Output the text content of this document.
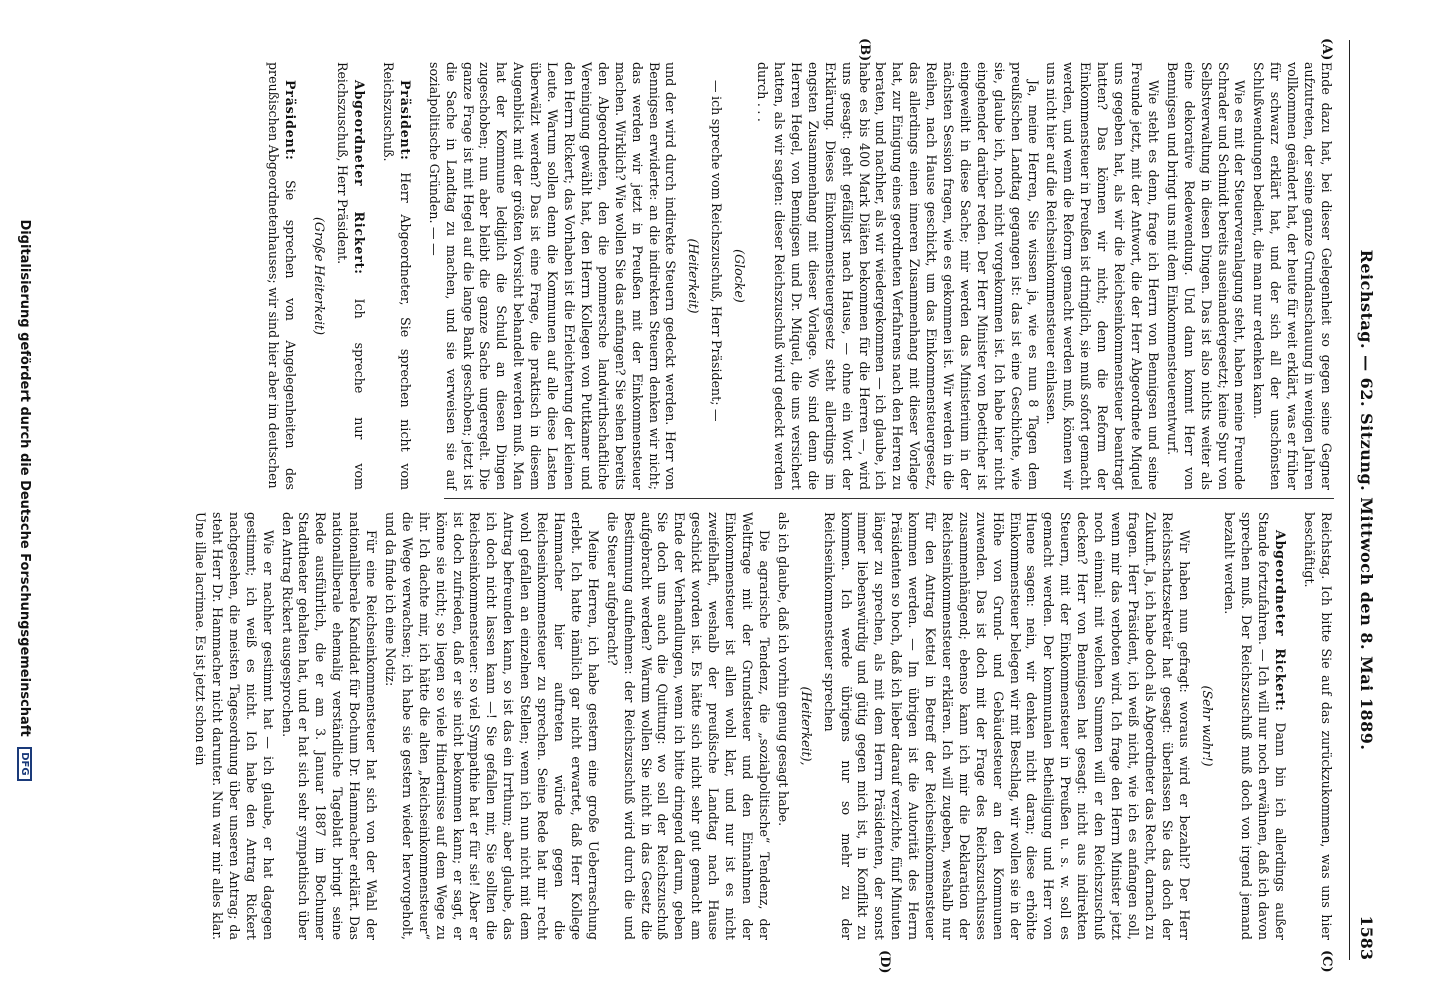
Reichstag. — 62. Sitzung. Mittwoch den 8. Mai 1889.
1583
(A)
(B)
(C)
(D)

Ende dazu hat, bei dieser Gelegenheit so gegen seine Gegner aufzutreten, der seine ganze Grundanschauung in wenigen Jahren vollkommen geändert hat, der heute für weit erklärt, was er früher für schwarz erklärt hat, und der sich all der unschönsten Schlußwendungen bedient, die man nur erdenken kann.

Wie es mit der Steuerveranlagung steht, haben meine Freunde Schrader und Schmidt bereits auseinandergesetzt; keine Spur von Selbstverwaltung in diesen Dingen. Das ist also nichts weiter als eine dekorative Redewendung. Und dann kommt Herr von Bennigsen und bringt uns mit dem Einkommensteuerentwurf.

Wie steht es denn, frage ich Herrn von Bennigsen und seine Freunde jetzt, mit der Antwort, die der Herr Abgeordnete Miquel uns gegeben hat, als wir die Reichseinkommensteuer beantragt hatten? Das können wir nicht; denn die Reform der Einkommensteuer in Preußen ist dringlich, sie muß sofort gemacht werden, und wenn die Reform gemacht werden muß, können wir uns nicht hier auf die Reichseinkommensteuer einlassen.

Ja, meine Herren, Sie wissen ja, wie es nun 8 Tagen dem preußischen Landtag gegangen ist: das ist eine Geschichte, wie sie, glaube ich, noch nicht vorgekommen ist. Ich habe hier nicht eingehender darüber reden. Der Herr Minister von Boetticher ist eingeweiht in diese Sache; mir werden das Ministerium in der nächsten Session fragen, wie es gekommen ist. Wir werden in die Reihen, nach Hause geschickt, um das Einkommensteuergesetz, das allerdings einen inneren Zusammenhang mit dieser Vorlage hat, zur Einigung eines geordneten Verfahrens nach den Herren zu beraten, und nachher, als wir wiedergekommen — ich glaube, ich habe es bis 400 Mark Diäten bekommen für die Herren —, wird uns gesagt: geht gefälligst nach Hause, — ohne ein Wort der Erklärung. Dieses Einkommensteuergesetz steht allerdings im engsten Zusammenhang mit dieser Vorlage. Wo sind denn die Herren Hegel, von Bennigsen und Dr. Miquel, die uns versichert hatten, als wir sagten: dieser Reichszuschuß wird gedeckt werden durch . . .

(Glocke)

— ich spreche vom Reichszuschuß, Herr Präsident; —

(Heiterkeit)

und der wird durch indirekte Steuern gedeckt werden. Herr von Bennigsen erwiderte: an die indirekten Steuern denken wir nicht; das werden wir jetzt in Preußen mit der Einkommensteuer machen. Wirklich? Wie wollen Sie das anfangen? Sie sehen bereits den Abgeordneten, den die pommersche landwirthschaftliche Vereinigung gewählt hat, den Herrn Kollegen von Puttkamer und den Herrn Rickert; das Vorhaben ist die Erleichterung der kleinen Leute. Warum sollen denn die Kommunen auf alle diese Lasten überwälzt werden? Das ist eine Frage, die praktisch in diesem Augenblick mit der größten Vorsicht behandelt werden muß. Man hat der Kommune lediglich die Schuld an diesen Dingen zugeschoben; nun aber bleibt die ganze Sache ungeregelt. Die ganze Frage ist mit Hegel auf die lange Bank geschoben; jetzt ist die Sache in Landtag zu machen, und sie verweisen sie auf sozialpolitische Gründen. — —

Präsident: Herr Abgeordneter, Sie sprechen nicht vom Reichszuschuß.

Abgeordneter Rickert: Ich spreche nur vom Reichszuschuß, Herr Präsident.

(Große Heiterkeit)

Präsident: Sie sprechen von Angelegenheiten des preußischen Abgeordnetenhauses; wir sind hier aber im deutschen

Reichstag. Ich bitte Sie auf das zurückzukommen, was uns hier beschäftigt.

Abgeordneter Rickert: Dann bin ich allerdings außer Stande fortzufahren. — Ich will nur noch erwähnen, daß ich davon sprechen muß. Der Reichszuschuß muß doch von irgend jemand bezahlt werden.

(Sehr wahr!)

Wir haben nun gefragt: woraus wird er bezahlt? Der Herr Reichsschatzsekretär hat gesagt: überlassen Sie das doch der Zukunft. Ja, ich habe doch als Abgeordneter das Recht, darnach zu fragen. Herr Präsident, ich weiß nicht, wie ich es anfangen soll, wenn mir das verboten wird. Ich frage den Herrn Minister jetzt noch einmal: mit welchen Summen will er den Reichszuschuß decken? Herr von Bennigsen hat gesagt: nicht aus indirekten Steuern, mit der Einkommensteuer in Preußen u. s. w. soll es gemacht werden. Der kommunalen Betheiligung und Herr von Huene sagen: nein, wir denken nicht daran; diese erhöhte Einkommensteuer belegen wir mit Beschlag, wir wollen sie in der Höhe von Grund- und Gebäudesteuer an den Kommunen zuwenden. Das ist doch mit der Frage des Reichszuschusses zusammenhängend; ebenso kann ich mir die Deklaration der Reichseinkommensteuer erklären. Ich will zugeben, weshalb nur für den Antrag Kettel in Betreff der Reichseinkommensteuer kommen werden. — Im übrigen ist die Autorität des Herrn Präsidenten so hoch, daß ich lieber darauf verzichte, fünf Minuten länger zu sprechen, als mit dem Herrn Präsidenten, der sonst immer liebenswürdig und gütig gegen mich ist, in Konflikt zu kommen. Ich werde übrigens nur so mehr zu der Reichseinkommensteuer sprechen

(Heiterkeit),

als ich glaube, daß ich vorhin genug gesagt habe.

Die agrarische Tendenz, die „sozialpolitische“ Tendenz, der Weltfrage mit der Grundsteuer und den Einnahmen der Einkommensteuer ist allen wohl klar, und nur ist es nicht zweifelhaft, weshalb der preußische Landtag nach Hause geschickt worden ist. Es hätte sich nicht sehr gut gemacht am Ende der Verhandlungen, wenn ich bitte dringend darum, geben Sie doch uns auch die Quittung: wo soll der Reichszuschuß aufgebracht werden? Warum wollen Sie nicht in das Gesetz die Bestimmung aufnehmen: der Reichszuschuß wird durch die und die Steuer aufgebracht?

Meine Herren, ich habe gestern eine große Ueberraschung erlebt. Ich hatte nämlich gar nicht erwartet, daß Herr Kollege Hammacher hier auftreten würde gegen die Reichseinkommensteuer zu sprechen. Seine Rede hat mir recht wohl gefallen an einzelnen Stellen; wenn ich nun nicht mit dem Antrag befreunden kann, so ist das ein Irrthum; aber glaube, das ich doch nicht lassen kann —! Sie gefallen mir, Sie sollten die Reichseinkommensteuer: so viel Sympathie hat er für sie! Aber er ist doch zufrieden, daß er sie nicht bekommen kann; er sagt, er könne sie nicht; so liegen so viele Hindernisse auf dem Wege zu ihr. Ich dachte mir, ich hätte die alten „Reichseinkommensteuer“ die Wege verwachsen; ich habe sie gestern wieder hervorgeholt, und da finde ich eine Notiz:

Für eine Reichseinkommensteuer hat sich von der Wahl der nationalliberale Kandidat für Bochum Dr. Hammacher erklärt. Das nationalliberale ehemalig verständliche Tageblatt bringt seine Rede ausführlich, die er am 3. Januar 1887 im Bochumer Stadttheater gehalten hat, und er hat sich sehr sympathisch über den Antrag Rickert ausgesprochen.

Wie er nachher gestimmt hat — ich glaube, er hat dagegen gestimmt; ich weiß es nicht. Ich habe den Antrag Rickert nachgesehen, die meisten Tagesordnung über unseren Antrag; da steht Herr Dr. Hammacher nicht darunter. Nun war mir alles klar. Une illae lacrimae. Es ist jetzt schon ein

Digitalisierung gefördert durch die Deutsche Forschungsgemeinschaft DFG
